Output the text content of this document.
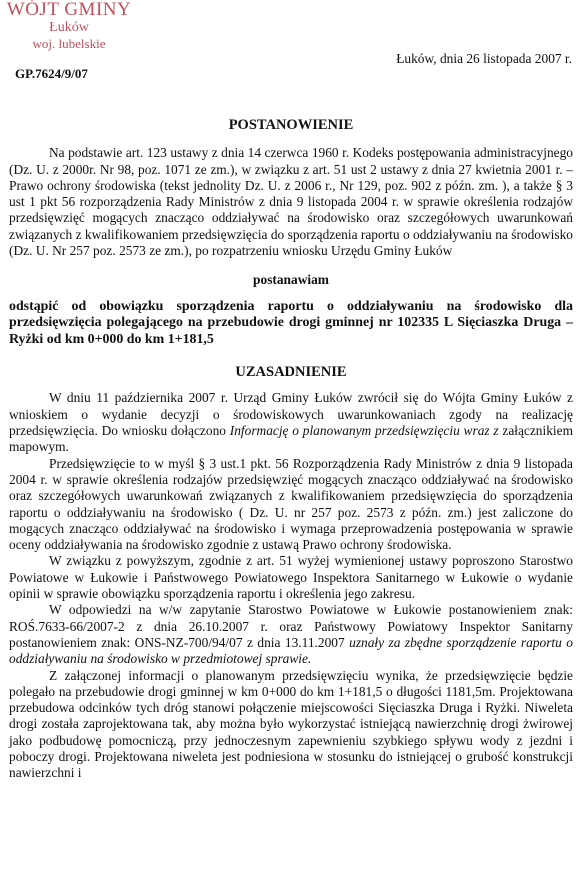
WÓJT GMINY
Łuków
woj. lubelskie
Łuków, dnia 26 listopada 2007 r.
GP.7624/9/07
POSTANOWIENIE

Na podstawie art. 123 ustawy z dnia 14 czerwca 1960 r. Kodeks postępowania administracyjnego (Dz. U. z 2000r. Nr 98, poz. 1071 ze zm.), w związku z art. 51 ust 2 ustawy z dnia 27 kwietnia 2001 r. – Prawo ochrony środowiska (tekst jednolity Dz. U. z 2006 r., Nr 129, poz. 902 z późn. zm. ), a także § 3 ust 1 pkt 56 rozporządzenia Rady Ministrów z dnia 9 listopada 2004 r. w sprawie określenia rodzajów przedsięwzięć mogących znacząco oddziaływać na środowisko oraz szczegółowych uwarunkowań związanych z kwalifikowaniem przedsięwzięcia do sporządzenia raportu o oddziaływaniu na środowisko (Dz. U. Nr 257 poz. 2573 ze zm.), po rozpatrzeniu wniosku Urzędu Gminy Łuków

postanawiam

odstąpić od obowiązku sporządzenia raportu o oddziaływaniu na środowisko dla przedsięwzięcia polegającego na przebudowie drogi gminnej nr 102335 L Sięciaszka Druga – Ryżki od km 0+000 do km 1+181,5

UZASADNIENIE

W dniu 11 października 2007 r. Urząd Gminy Łuków zwrócił się do Wójta Gminy Łuków z wnioskiem o wydanie decyzji o środowiskowych uwarunkowaniach zgody na realizację przedsięwzięcia. Do wniosku dołączono Informację o planowanym przedsięwzięciu wraz z załącznikiem mapowym.

Przedsięwzięcie to w myśl § 3 ust.1 pkt. 56 Rozporządzenia Rady Ministrów z dnia 9 listopada 2004 r. w sprawie określenia rodzajów przedsięwzięć mogących znacząco oddziaływać na środowisko oraz szczegółowych uwarunkowań związanych z kwalifikowaniem przedsięwzięcia do sporządzenia raportu o oddziaływaniu na środowisko ( Dz. U. nr 257 poz. 2573 z późn. zm.) jest zaliczone do mogących znacząco oddziaływać na środowisko i wymaga przeprowadzenia postępowania w sprawie oceny oddziaływania na środowisko zgodnie z ustawą Prawo ochrony środowiska.

W związku z powyższym, zgodnie z art. 51 wyżej wymienionej ustawy poproszono Starostwo Powiatowe w Łukowie i Państwowego Powiatowego Inspektora Sanitarnego w Łukowie o wydanie opinii w sprawie obowiązku sporządzenia raportu i określenia jego zakresu.

W odpowiedzi na w/w zapytanie Starostwo Powiatowe w Łukowie postanowieniem znak: ROŚ.7633-66/2007-2 z dnia 26.10.2007 r. oraz Państwowy Powiatowy Inspektor Sanitarny postanowieniem znak: ONS-NZ-700/94/07 z dnia 13.11.2007 uznały za zbędne sporządzenie raportu o oddziaływaniu na środowisko w przedmiotowej sprawie.

Z załączonej informacji o planowanym przedsięwzięciu wynika, że przedsięwzięcie będzie polegało na przebudowie drogi gminnej w km 0+000 do km 1+181,5 o długości 1181,5m. Projektowana przebudowa odcinków tych dróg stanowi połączenie miejscowości Sięciaszka Druga i Ryżki. Niweleta drogi została zaprojektowana tak, aby można było wykorzystać istniejącą nawierzchnię drogi żwirowej jako podbudowę pomocniczą, przy jednoczesnym zapewnieniu szybkiego spływu wody z jezdni i poboczy drogi. Projektowana niweleta jest podniesiona w stosunku do istniejącej o grubość konstrukcji nawierzchni i
